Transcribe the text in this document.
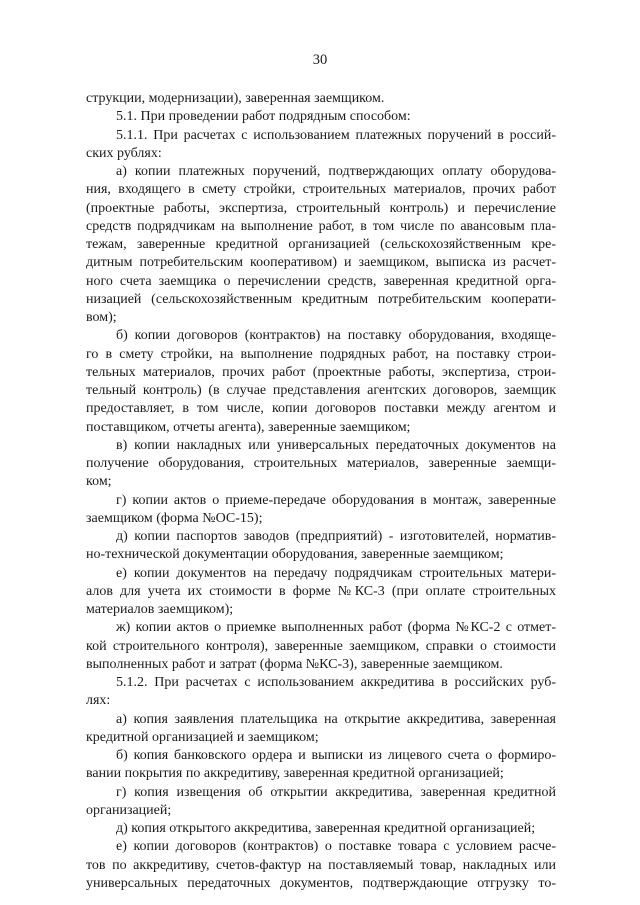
30
струкции, модернизации), заверенная заемщиком.
5.1. При проведении работ подрядным способом:
5.1.1. При расчетах с использованием платежных поручений в россий-
ских рублях:
а) копии платежных поручений, подтверждающих оплату оборудова-
ния, входящего в смету стройки, строительных материалов, прочих работ
(проектные работы, экспертиза, строительный контроль) и перечисление
средств подрядчикам на выполнение работ, в том числе по авансовым пла-
тежам, заверенные кредитной организацией (сельскохозяйственным кре-
дитным потребительским кооперативом) и заемщиком, выписка из расчет-
ного счета заемщика о перечислении средств, заверенная кредитной орга-
низацией (сельскохозяйственным кредитным потребительским кооперати-
вом);
б) копии договоров (контрактов) на поставку оборудования, входяще-
го в смету стройки, на выполнение подрядных работ, на поставку строи-
тельных материалов, прочих работ (проектные работы, экспертиза, строи-
тельный контроль) (в случае представления агентских договоров, заемщик
предоставляет, в том числе, копии договоров поставки между агентом и
поставщиком, отчеты агента), заверенные заемщиком;
в) копии накладных или универсальных передаточных документов на
получение оборудования, строительных материалов, заверенные заемщи-
ком;
г) копии актов о приеме-передаче оборудования в монтаж, заверенные
заемщиком (форма №ОС-15);
д) копии паспортов заводов (предприятий) - изготовителей, норматив-
но-технической документации оборудования, заверенные заемщиком;
е) копии документов на передачу подрядчикам строительных матери-
алов для учета их стоимости в форме №КС-3 (при оплате строительных
материалов заемщиком);
ж) копии актов о приемке выполненных работ (форма №КС-2 с отмет-
кой строительного контроля), заверенные заемщиком, справки о стоимости
выполненных работ и затрат (форма №КС-3), заверенные заемщиком.
5.1.2. При расчетах с использованием аккредитива в российских руб-
лях:
а) копия заявления плательщика на открытие аккредитива, заверенная
кредитной организацией и заемщиком;
б) копия банковского ордера и выписки из лицевого счета о формиро-
вании покрытия по аккредитиву, заверенная кредитной организацией;
г) копия извещения об открытии аккредитива, заверенная кредитной
организацией;
д) копия открытого аккредитива, заверенная кредитной организацией;
е) копии договоров (контрактов) о поставке товара с условием расче-
тов по аккредитиву, счетов-фактур на поставляемый товар, накладных или
универсальных передаточных документов, подтверждающие отгрузку то-
